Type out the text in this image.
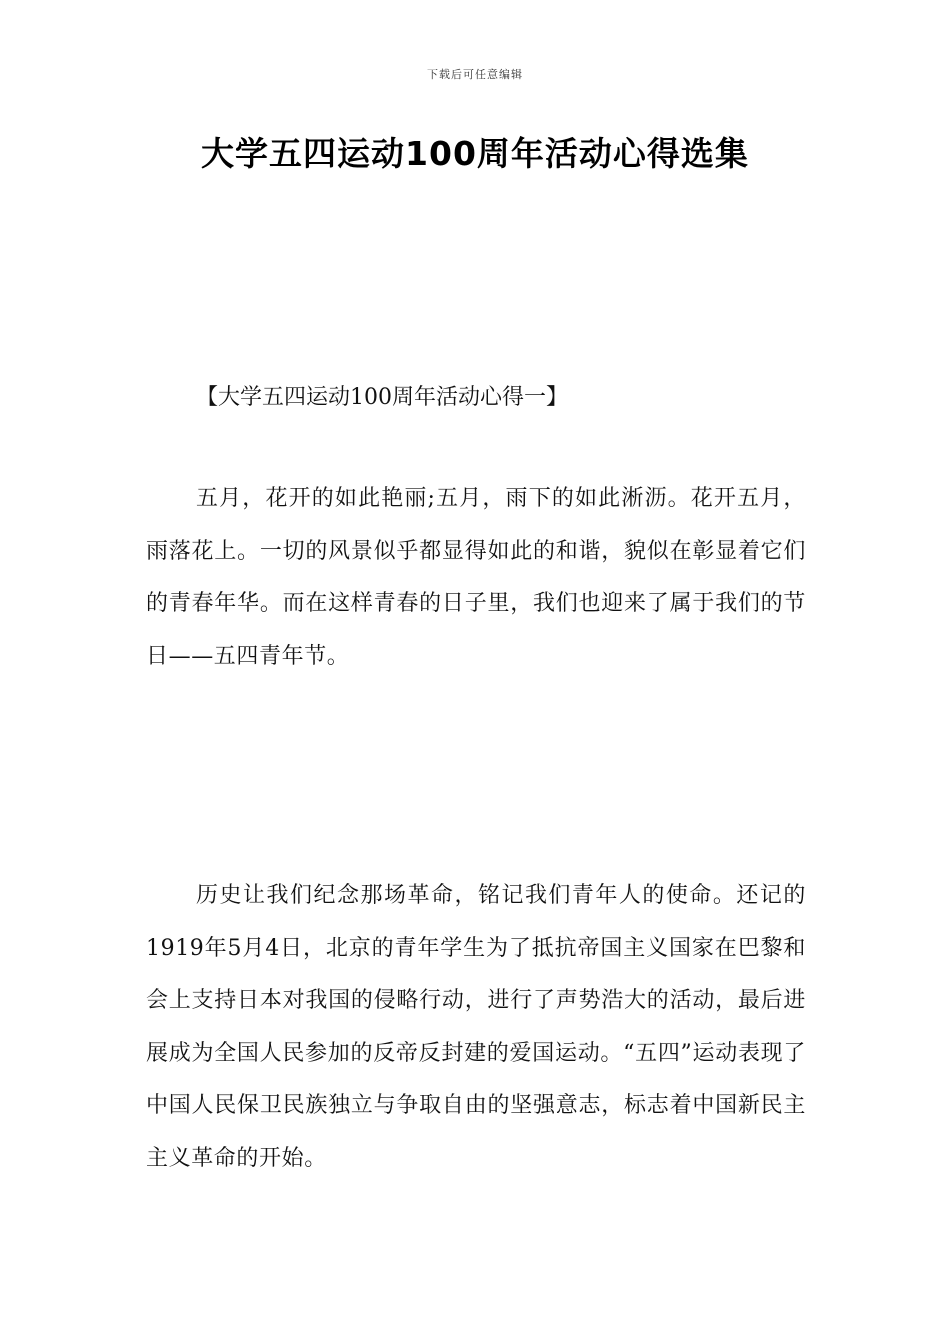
下载后可任意编辑
大学五四运动100周年活动心得选集
【大学五四运动100周年活动心得一】

五月，花开的如此艳丽;五月，雨下的如此淅沥。花开五月，雨落花上。一切的风景似乎都显得如此的和谐，貌似在彰显着它们的青春年华。而在这样青春的日子里，我们也迎来了属于我们的节日——五四青年节。

历史让我们纪念那场革命，铭记我们青年人的使命。还记的1919年5月4日，北京的青年学生为了抵抗帝国主义国家在巴黎和会上支持日本对我国的侵略行动，进行了声势浩大的活动，最后进展成为全国人民参加的反帝反封建的爱国运动。“五四”运动表现了中国人民保卫民族独立与争取自由的坚强意志，标志着中国新民主主义革命的开始。
